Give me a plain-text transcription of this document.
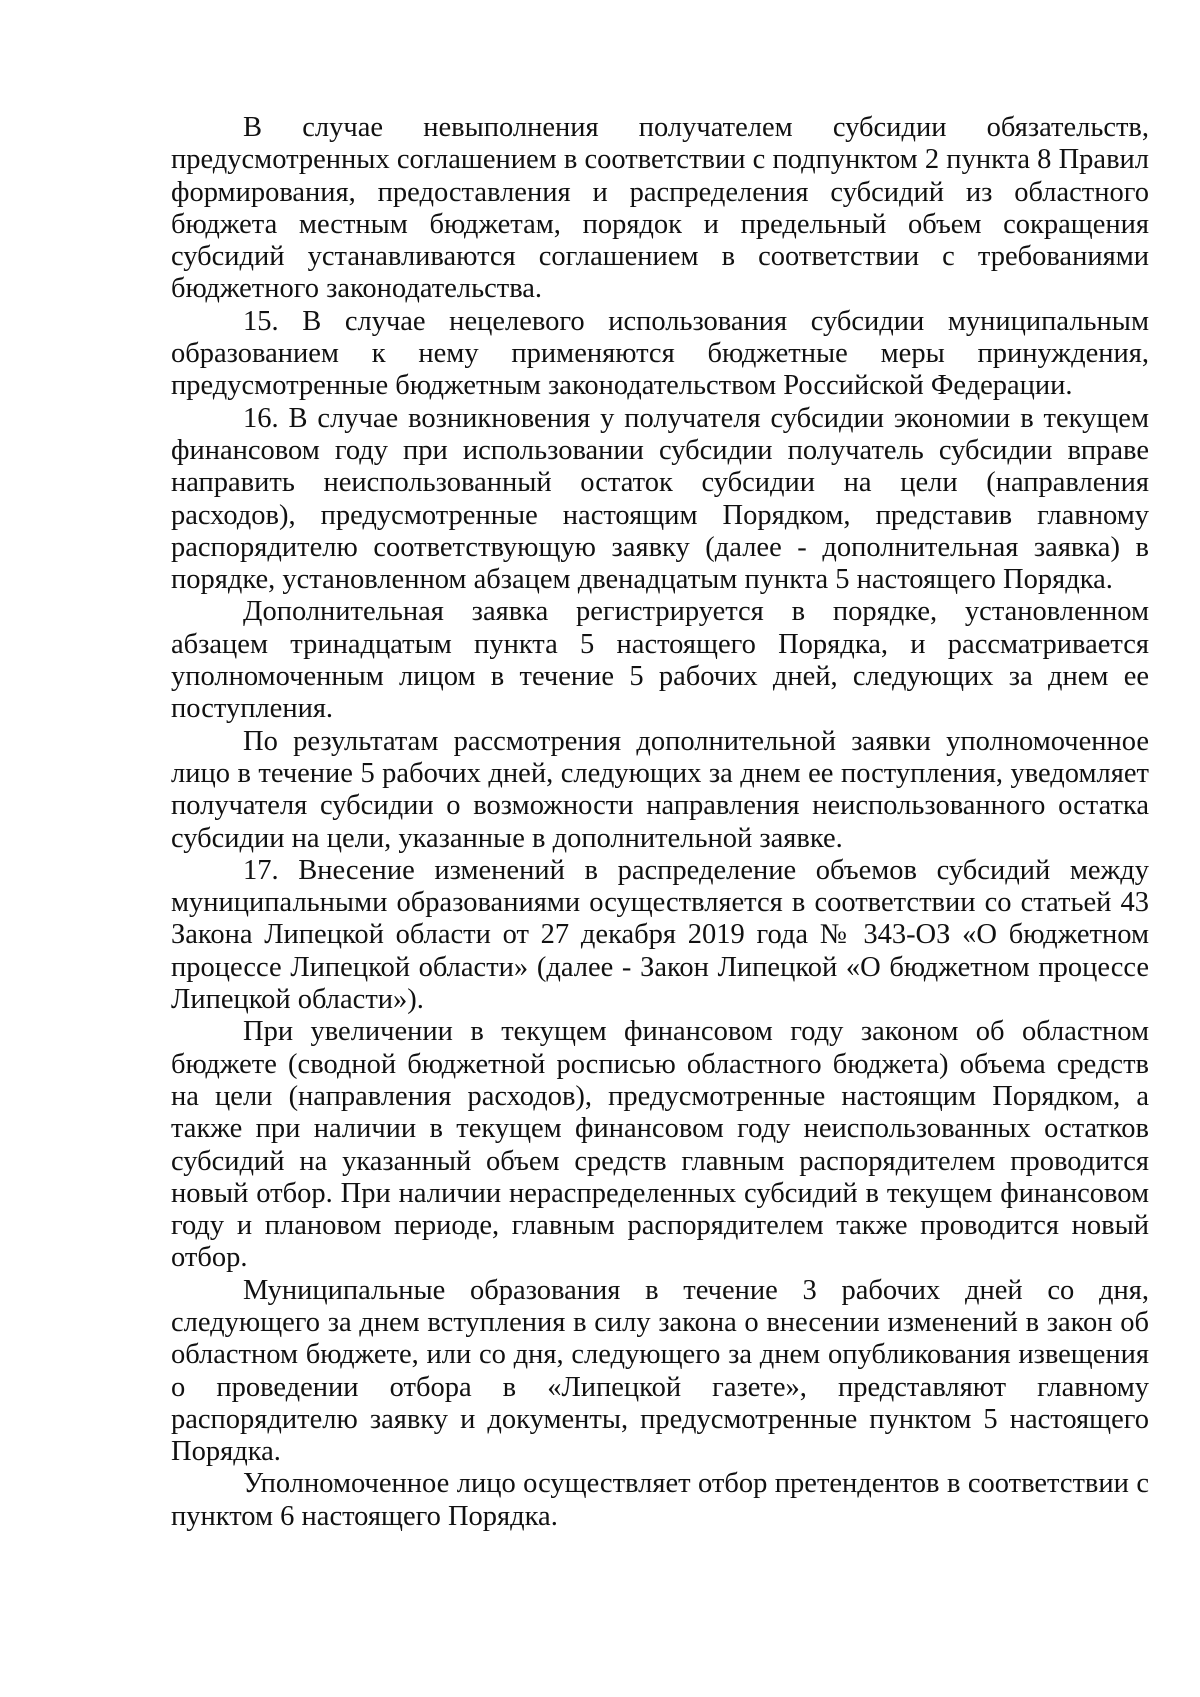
В случае невыполнения получателем субсидии обязательств, предусмотренных соглашением в соответствии с подпунктом 2 пункта 8 Правил формирования, предоставления и распределения субсидий из областного бюджета местным бюджетам, порядок и предельный объем сокращения субсидий устанавливаются соглашением в соответствии с требованиями бюджетного законодательства.

15. В случае нецелевого использования субсидии муниципальным образованием к нему применяются бюджетные меры принуждения, предусмотренные бюджетным законодательством Российской Федерации.

16. В случае возникновения у получателя субсидии экономии в текущем финансовом году при использовании субсидии получатель субсидии вправе направить неиспользованный остаток субсидии на цели (направления расходов), предусмотренные настоящим Порядком, представив главному распорядителю соответствующую заявку (далее - дополнительная заявка) в порядке, установленном абзацем двенадцатым пункта 5 настоящего Порядка.

Дополнительная заявка регистрируется в порядке, установленном абзацем тринадцатым пункта 5 настоящего Порядка, и рассматривается уполномоченным лицом в течение 5 рабочих дней, следующих за днем ее поступления.

По результатам рассмотрения дополнительной заявки уполномоченное лицо в течение 5 рабочих дней, следующих за днем ее поступления, уведомляет получателя субсидии о возможности направления неиспользованного остатка субсидии на цели, указанные в дополнительной заявке.

17. Внесение изменений в распределение объемов субсидий между муниципальными образованиями осуществляется в соответствии со статьей 43 Закона Липецкой области от 27 декабря 2019 года № 343-ОЗ «О бюджетном процессе Липецкой области» (далее - Закон Липецкой «О бюджетном процессе Липецкой области»).

При увеличении в текущем финансовом году законом об областном бюджете (сводной бюджетной росписью областного бюджета) объема средств на цели (направления расходов), предусмотренные настоящим Порядком, а также при наличии в текущем финансовом году неиспользованных остатков субсидий на указанный объем средств главным распорядителем проводится новый отбор. При наличии нераспределенных субсидий в текущем финансовом году и плановом периоде, главным распорядителем также проводится новый отбор.

Муниципальные образования в течение 3 рабочих дней со дня, следующего за днем вступления в силу закона о внесении изменений в закон об областном бюджете, или со дня, следующего за днем опубликования извещения о проведении отбора в «Липецкой газете», представляют главному распорядителю заявку и документы, предусмотренные пунктом 5 настоящего Порядка.

Уполномоченное лицо осуществляет отбор претендентов в соответствии с пунктом 6 настоящего Порядка.
